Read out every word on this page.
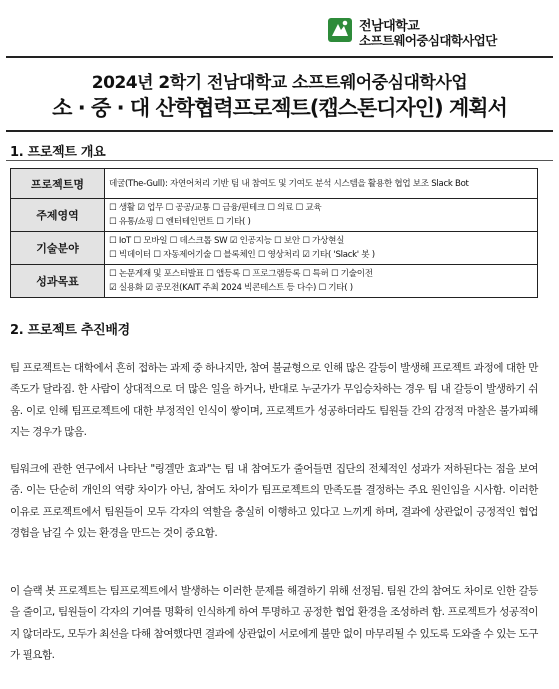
전남대학교
소프트웨어중심대학사업단
2024년 2학기 전남대학교 소프트웨어중심대학사업
소 · 중 · 대 산학협력프로젝트(캡스톤디자인) 계획서
1. 프로젝트 개요
프로젝트명	데굴(The-Gull): 자연어처리 기반 팀 내 참여도 및 기여도 분석 시스템을 활용한 협업 보조 Slack Bot

주제영역	☐ 생활 ☑ 업무 ☐ 공공/교통 ☐ 금융/핀테크 ☐ 의료 ☐ 교육
☐ 유통/쇼핑 ☐ 엔터테인먼트 ☐ 기타( )

기술분야	☐ IoT ☐ 모바일 ☐ 데스크톱 SW ☑ 인공지능 ☐ 보안 ☐ 가상현실
☐ 빅데이터 ☐ 자동제어기술 ☐ 블록체인 ☐ 영상처리 ☑ 기타( 'Slack' 봇 )

성과목표	☐ 논문게재 및 포스터발표 ☐ 앱등록 ☐ 프로그램등록 ☐ 특허 ☐ 기술이전
☑ 실용화 ☑ 공모전(KAIT 주최 2024 빅콘테스트 등 다수) ☐ 기타( )
2. 프로젝트 추진배경

팀 프로젝트는 대학에서 흔히 접하는 과제 중 하나지만, 참여 불균형으로 인해 많은 갈등이 발생해 프로젝트 과정에 대한 만족도가 달라짐. 한 사람이 상대적으로 더 많은 일을 하거나, 반대로 누군가가 무임승차하는 경우 팀 내 갈등이 발생하기 쉬움. 이로 인해 팀프로젝트에 대한 부정적인 인식이 쌓이며, 프로젝트가 성공하더라도 팀원들 간의 감정적 마찰은 불가피해지는 경우가 많음.

팀워크에 관한 연구에서 나타난 "링겔만 효과"는 팀 내 참여도가 줄어들면 집단의 전체적인 성과가 저하된다는 점을 보여줌. 이는 단순히 개인의 역량 차이가 아닌, 참여도 차이가 팀프로젝트의 만족도를 결정하는 주요 원인임을 시사함. 이러한 이유로 프로젝트에서 팀원들이 모두 각자의 역할을 충실히 이행하고 있다고 느끼게 하며, 결과에 상관없이 긍정적인 협업 경험을 남길 수 있는 환경을 만드는 것이 중요함.

이 슬랙 봇 프로젝트는 팀프로젝트에서 발생하는 이러한 문제를 해결하기 위해 선정됨. 팀원 간의 참여도 차이로 인한 갈등을 줄이고, 팀원들이 각자의 기여를 명확히 인식하게 하여 투명하고 공정한 협업 환경을 조성하려 함. 프로젝트가 성공적이지 않더라도, 모두가 최선을 다해 참여했다면 결과에 상관없이 서로에게 불만 없이 마무리될 수 있도록 도와줄 수 있는 도구가 필요함.
